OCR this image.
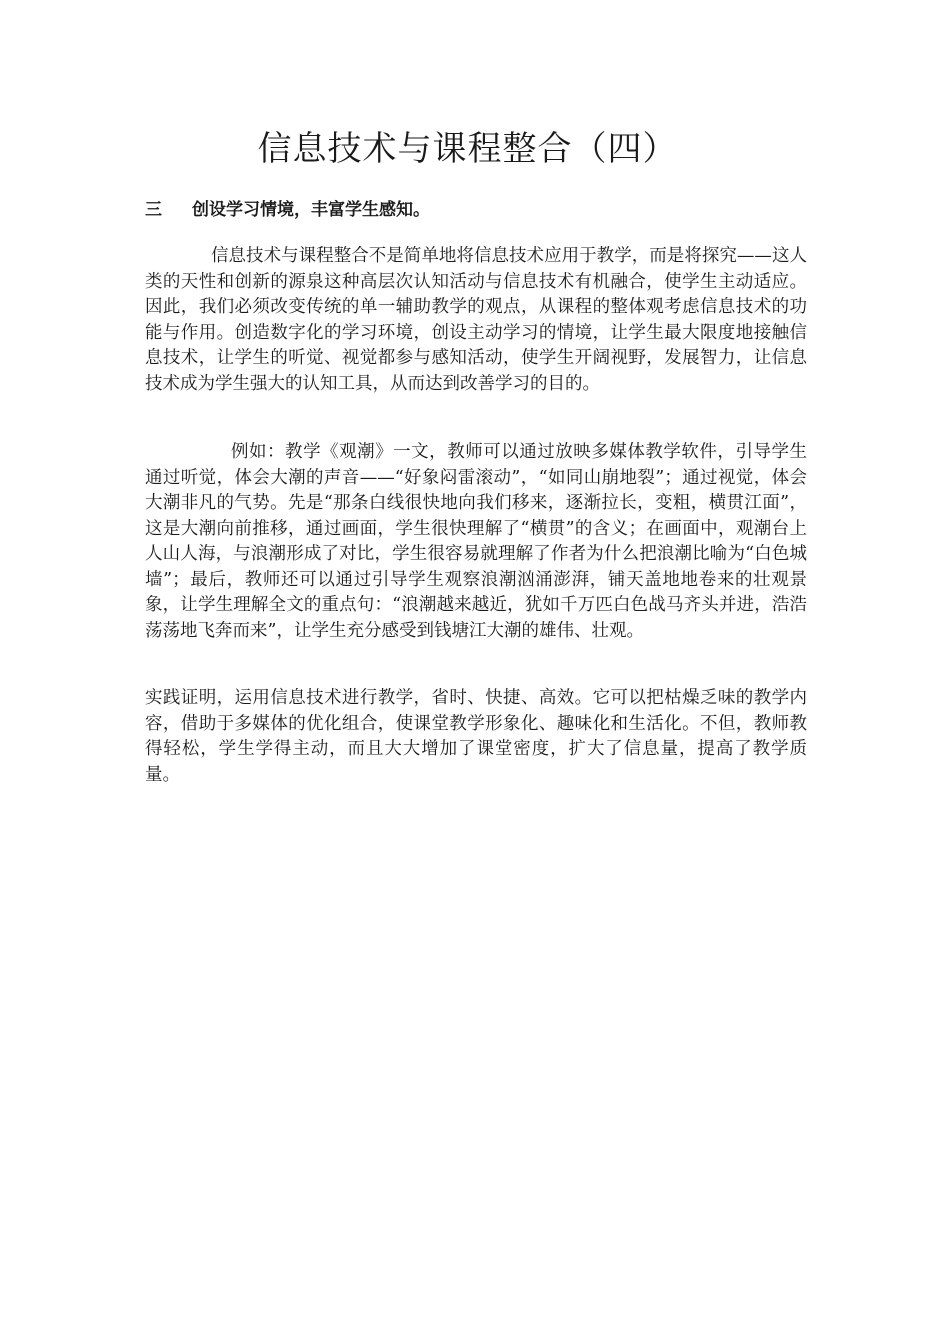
信息技术与课程整合（四）

三 创设学习情境，丰富学生感知。

信息技术与课程整合不是简单地将信息技术应用于教学，而是将探究——这人类的天性和创新的源泉这种高层次认知活动与信息技术有机融合，使学生主动适应。因此，我们必须改变传统的单一辅助教学的观点，从课程的整体观考虑信息技术的功能与作用。创造数字化的学习环境，创设主动学习的情境，让学生最大限度地接触信息技术，让学生的听觉、视觉都参与感知活动，使学生开阔视野，发展智力，让信息技术成为学生强大的认知工具，从而达到改善学习的目的。

例如：教学《观潮》一文，教师可以通过放映多媒体教学软件，引导学生通过听觉，体会大潮的声音——“好象闷雷滚动”，“如同山崩地裂”；通过视觉，体会大潮非凡的气势。先是“那条白线很快地向我们移来，逐渐拉长，变粗，横贯江面”，这是大潮向前推移，通过画面，学生很快理解了“横贯”的含义；在画面中，观潮台上人山人海，与浪潮形成了对比，学生很容易就理解了作者为什么把浪潮比喻为“白色城墙”；最后，教师还可以通过引导学生观察浪潮汹涌澎湃，铺天盖地地卷来的壮观景象，让学生理解全文的重点句：“浪潮越来越近，犹如千万匹白色战马齐头并进，浩浩荡荡地飞奔而来”，让学生充分感受到钱塘江大潮的雄伟、壮观。

实践证明，运用信息技术进行教学，省时、快捷、高效。它可以把枯燥乏味的教学内容，借助于多媒体的优化组合，使课堂教学形象化、趣味化和生活化。不但，教师教得轻松，学生学得主动，而且大大增加了课堂密度，扩大了信息量，提高了教学质量。
